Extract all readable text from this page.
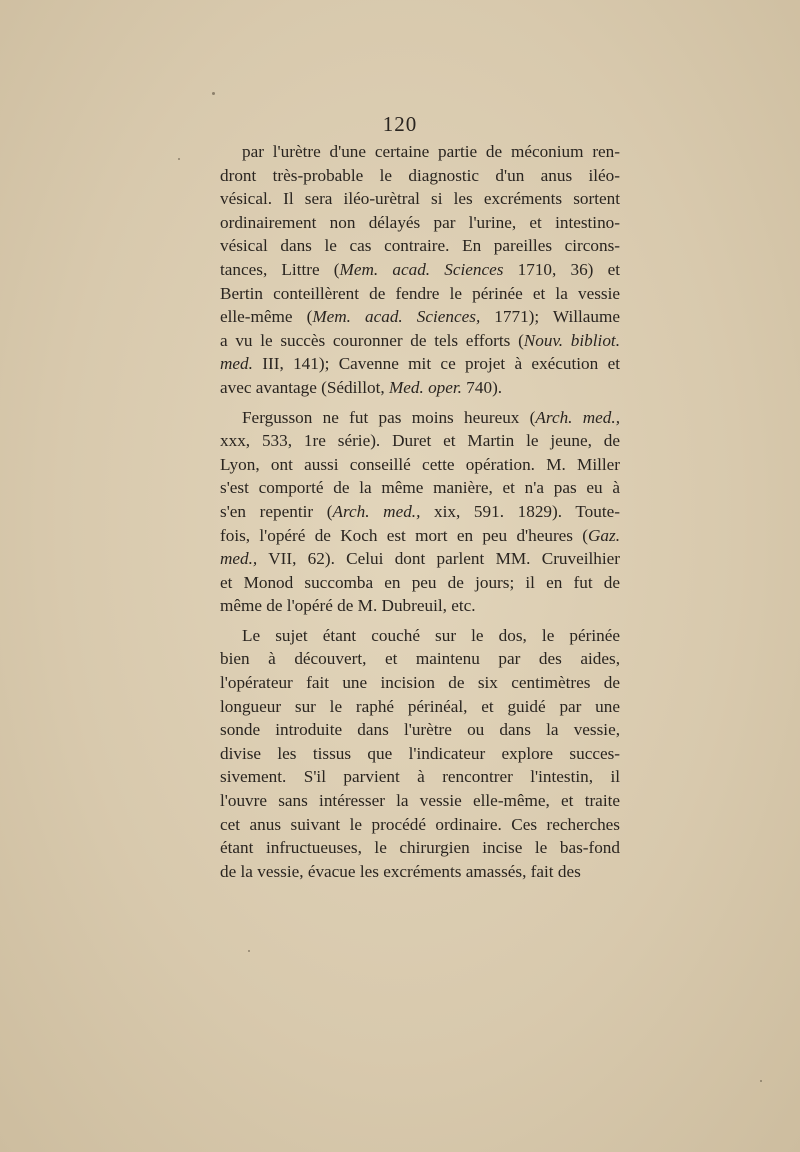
120
par l'urètre d'une certaine partie de méconium ren-
dront très-probable le diagnostic d'un anus iléo-
vésical. Il sera iléo-urètral si les excréments sortent
ordinairement non délayés par l'urine, et intestino-
vésical dans le cas contraire. En pareilles circons-
tances, Littre (Mem. acad. Sciences 1710, 36) et
Bertin conteillèrent de fendre le périnée et la vessie
elle-même (Mem. acad. Sciences, 1771); Willaume
a vu le succès couronner de tels efforts (Nouv. bibliot.
med. III, 141); Cavenne mit ce projet à exécution et
avec avantage (Sédillot, Med. oper. 740).
Fergusson ne fut pas moins heureux (Arch. med.,
xxx, 533, 1re série). Duret et Martin le jeune, de
Lyon, ont aussi conseillé cette opération. M. Miller
s'est comporté de la même manière, et n'a pas eu à
s'en repentir (Arch. med., xix, 591. 1829). Toute-
fois, l'opéré de Koch est mort en peu d'heures (Gaz.
med., VII, 62). Celui dont parlent MM. Cruveilhier
et Monod succomba en peu de jours; il en fut de
même de l'opéré de M. Dubreuil, etc.
Le sujet étant couché sur le dos, le périnée
bien à découvert, et maintenu par des aides,
l'opérateur fait une incision de six centimètres de
longueur sur le raphé périnéal, et guidé par une
sonde introduite dans l'urètre ou dans la vessie,
divise les tissus que l'indicateur explore succes-
sivement. S'il parvient à rencontrer l'intestin, il
l'ouvre sans intéresser la vessie elle-même, et traite
cet anus suivant le procédé ordinaire. Ces recherches
étant infructueuses, le chirurgien incise le bas-fond
de la vessie, évacue les excréments amassés, fait des
